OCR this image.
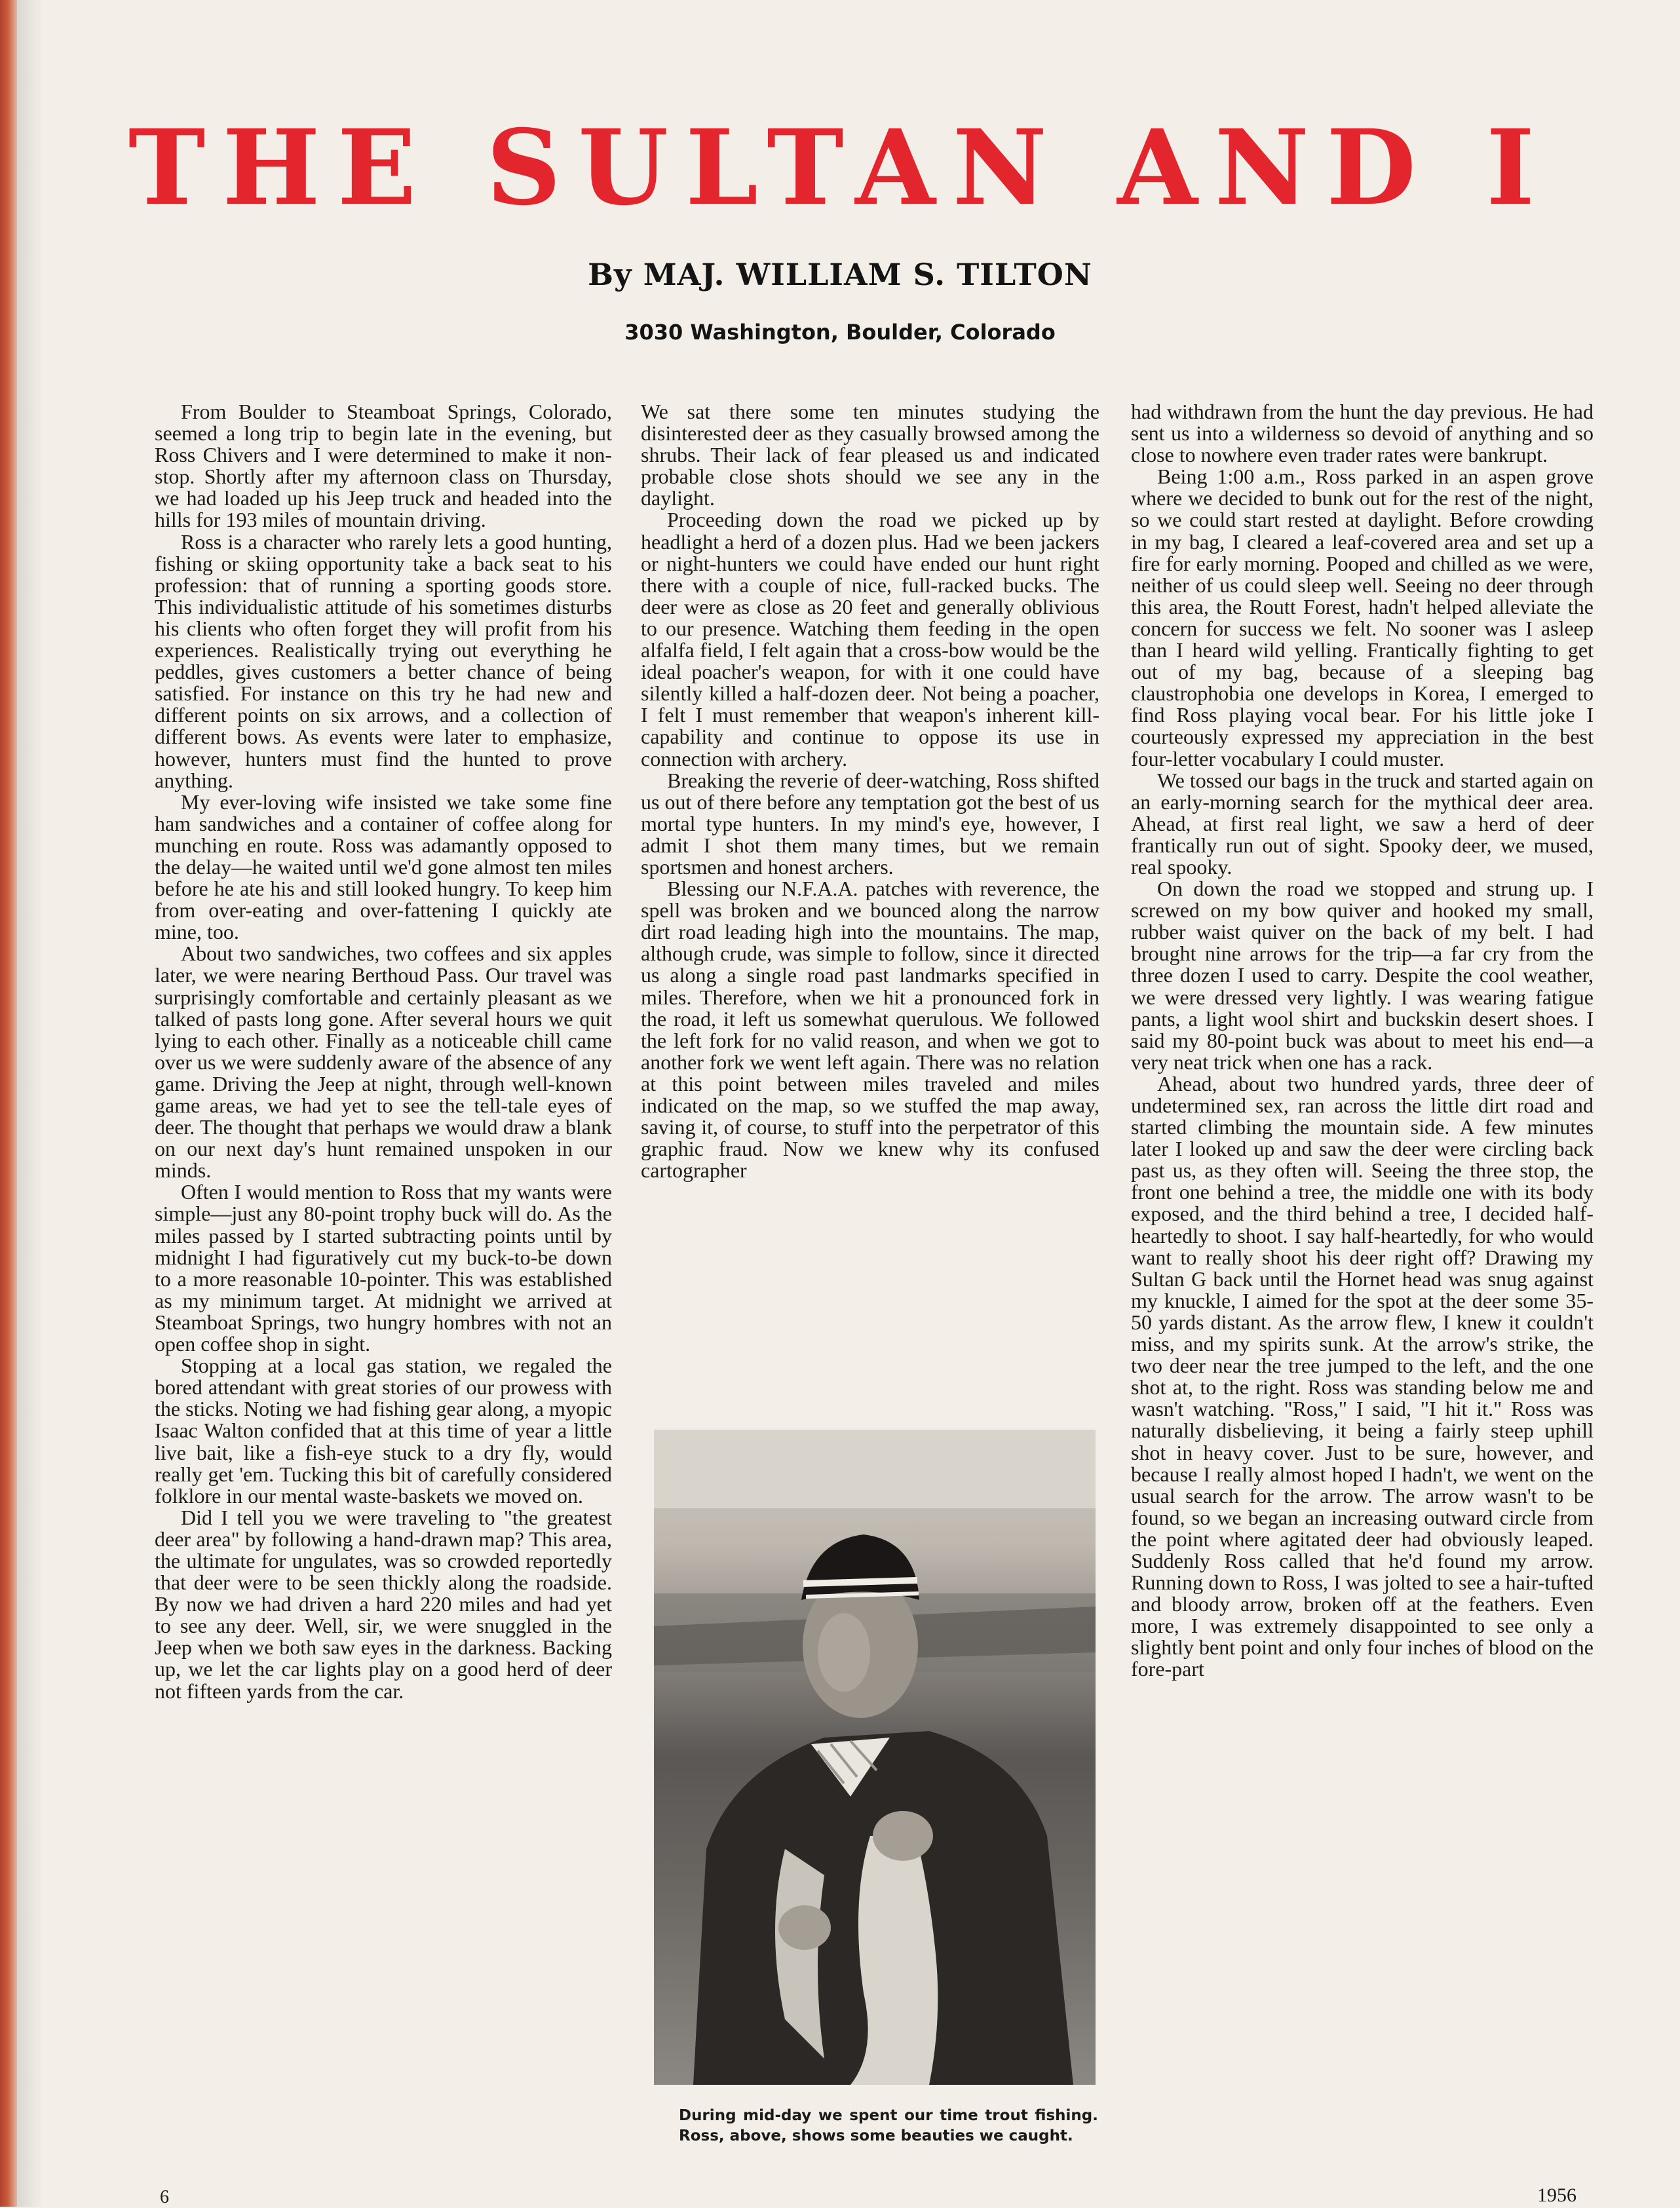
THE SULTAN AND I
By MAJ. WILLIAM S. TILTON
3030 Washington, Boulder, Colorado

From Boulder to Steamboat Springs, Colorado, seemed a long trip to begin late in the evening, but Ross Chivers and I were determined to make it non-stop. Shortly after my afternoon class on Thursday, we had loaded up his Jeep truck and headed into the hills for 193 miles of mountain driving.

Ross is a character who rarely lets a good hunting, fishing or skiing opportunity take a back seat to his profession: that of running a sporting goods store. This individualistic attitude of his sometimes disturbs his clients who often forget they will profit from his experiences. Realistically trying out everything he peddles, gives customers a better chance of being satisfied. For instance on this try he had new and different points on six arrows, and a collection of different bows. As events were later to emphasize, however, hunters must find the hunted to prove anything.

My ever-loving wife insisted we take some fine ham sandwiches and a container of coffee along for munching en route. Ross was adamantly opposed to the delay—he waited until we'd gone almost ten miles before he ate his and still looked hungry. To keep him from over-eating and over-fattening I quickly ate mine, too.

About two sandwiches, two coffees and six apples later, we were nearing Berthoud Pass. Our travel was surprisingly comfortable and certainly pleasant as we talked of pasts long gone. After several hours we quit lying to each other. Finally as a noticeable chill came over us we were suddenly aware of the absence of any game. Driving the Jeep at night, through well-known game areas, we had yet to see the tell-tale eyes of deer. The thought that perhaps we would draw a blank on our next day's hunt remained unspoken in our minds.

Often I would mention to Ross that my wants were simple—just any 80-point trophy buck will do. As the miles passed by I started subtracting points until by midnight I had figuratively cut my buck-to-be down to a more reasonable 10-pointer. This was established as my minimum target. At midnight we arrived at Steamboat Springs, two hungry hombres with not an open coffee shop in sight.

Stopping at a local gas station, we regaled the bored attendant with great stories of our prowess with the sticks. Noting we had fishing gear along, a myopic Isaac Walton confided that at this time of year a little live bait, like a fish-eye stuck to a dry fly, would really get 'em. Tucking this bit of carefully considered folklore in our mental waste-baskets we moved on.

Did I tell you we were traveling to "the greatest deer area" by following a hand-drawn map? This area, the ultimate for ungulates, was so crowded reportedly that deer were to be seen thickly along the roadside. By now we had driven a hard 220 miles and had yet to see any deer. Well, sir, we were snuggled in the Jeep when we both saw eyes in the darkness. Backing up, we let the car lights play on a good herd of deer not fifteen yards from the car.

We sat there some ten minutes studying the disinterested deer as they casually browsed among the shrubs. Their lack of fear pleased us and indicated probable close shots should we see any in the daylight.

Proceeding down the road we picked up by headlight a herd of a dozen plus. Had we been jackers or night-hunters we could have ended our hunt right there with a couple of nice, full-racked bucks. The deer were as close as 20 feet and generally oblivious to our presence. Watching them feeding in the open alfalfa field, I felt again that a cross-bow would be the ideal poacher's weapon, for with it one could have silently killed a half-dozen deer. Not being a poacher, I felt I must remember that weapon's inherent kill-capability and continue to oppose its use in connection with archery.

Breaking the reverie of deer-watching, Ross shifted us out of there before any temptation got the best of us mortal type hunters. In my mind's eye, however, I admit I shot them many times, but we remain sportsmen and honest archers.

Blessing our N.F.A.A. patches with reverence, the spell was broken and we bounced along the narrow dirt road leading high into the mountains. The map, although crude, was simple to follow, since it directed us along a single road past landmarks specified in miles. Therefore, when we hit a pronounced fork in the road, it left us somewhat querulous. We followed the left fork for no valid reason, and when we got to another fork we went left again. There was no relation at this point between miles traveled and miles indicated on the map, so we stuffed the map away, saving it, of course, to stuff into the perpetrator of this graphic fraud. Now we knew why its confused cartographer

had withdrawn from the hunt the day previous. He had sent us into a wilderness so devoid of anything and so close to nowhere even trader rates were bankrupt.

Being 1:00 a.m., Ross parked in an aspen grove where we decided to bunk out for the rest of the night, so we could start rested at daylight. Before crowding in my bag, I cleared a leaf-covered area and set up a fire for early morning. Pooped and chilled as we were, neither of us could sleep well. Seeing no deer through this area, the Routt Forest, hadn't helped alleviate the concern for success we felt. No sooner was I asleep than I heard wild yelling. Frantically fighting to get out of my bag, because of a sleeping bag claustrophobia one develops in Korea, I emerged to find Ross playing vocal bear. For his little joke I courteously expressed my appreciation in the best four-letter vocabulary I could muster.

We tossed our bags in the truck and started again on an early-morning search for the mythical deer area. Ahead, at first real light, we saw a herd of deer frantically run out of sight. Spooky deer, we mused, real spooky.

On down the road we stopped and strung up. I screwed on my bow quiver and hooked my small, rubber waist quiver on the back of my belt. I had brought nine arrows for the trip—a far cry from the three dozen I used to carry. Despite the cool weather, we were dressed very lightly. I was wearing fatigue pants, a light wool shirt and buckskin desert shoes. I said my 80-point buck was about to meet his end—a very neat trick when one has a rack.

Ahead, about two hundred yards, three deer of undetermined sex, ran across the little dirt road and started climbing the mountain side. A few minutes later I looked up and saw the deer were circling back past us, as they often will. Seeing the three stop, the front one behind a tree, the middle one with its body exposed, and the third behind a tree, I decided half-heartedly to shoot. I say half-heartedly, for who would want to really shoot his deer right off? Drawing my Sultan G back until the Hornet head was snug against my knuckle, I aimed for the spot at the deer some 35-50 yards distant. As the arrow flew, I knew it couldn't miss, and my spirits sunk. At the arrow's strike, the two deer near the tree jumped to the left, and the one shot at, to the right. Ross was standing below me and wasn't watching. "Ross," I said, "I hit it." Ross was naturally disbelieving, it being a fairly steep uphill shot in heavy cover. Just to be sure, however, and because I really almost hoped I hadn't, we went on the usual search for the arrow. The arrow wasn't to be found, so we began an increasing outward circle from the point where agitated deer had obviously leaped. Suddenly Ross called that he'd found my arrow. Running down to Ross, I was jolted to see a hair-tufted and bloody arrow, broken off at the feathers. Even more, I was extremely disappointed to see only a slightly bent point and only four inches of blood on the fore-part

During mid-day we spent our time trout fishing. Ross, above, shows some beauties we caught.
6	1956
